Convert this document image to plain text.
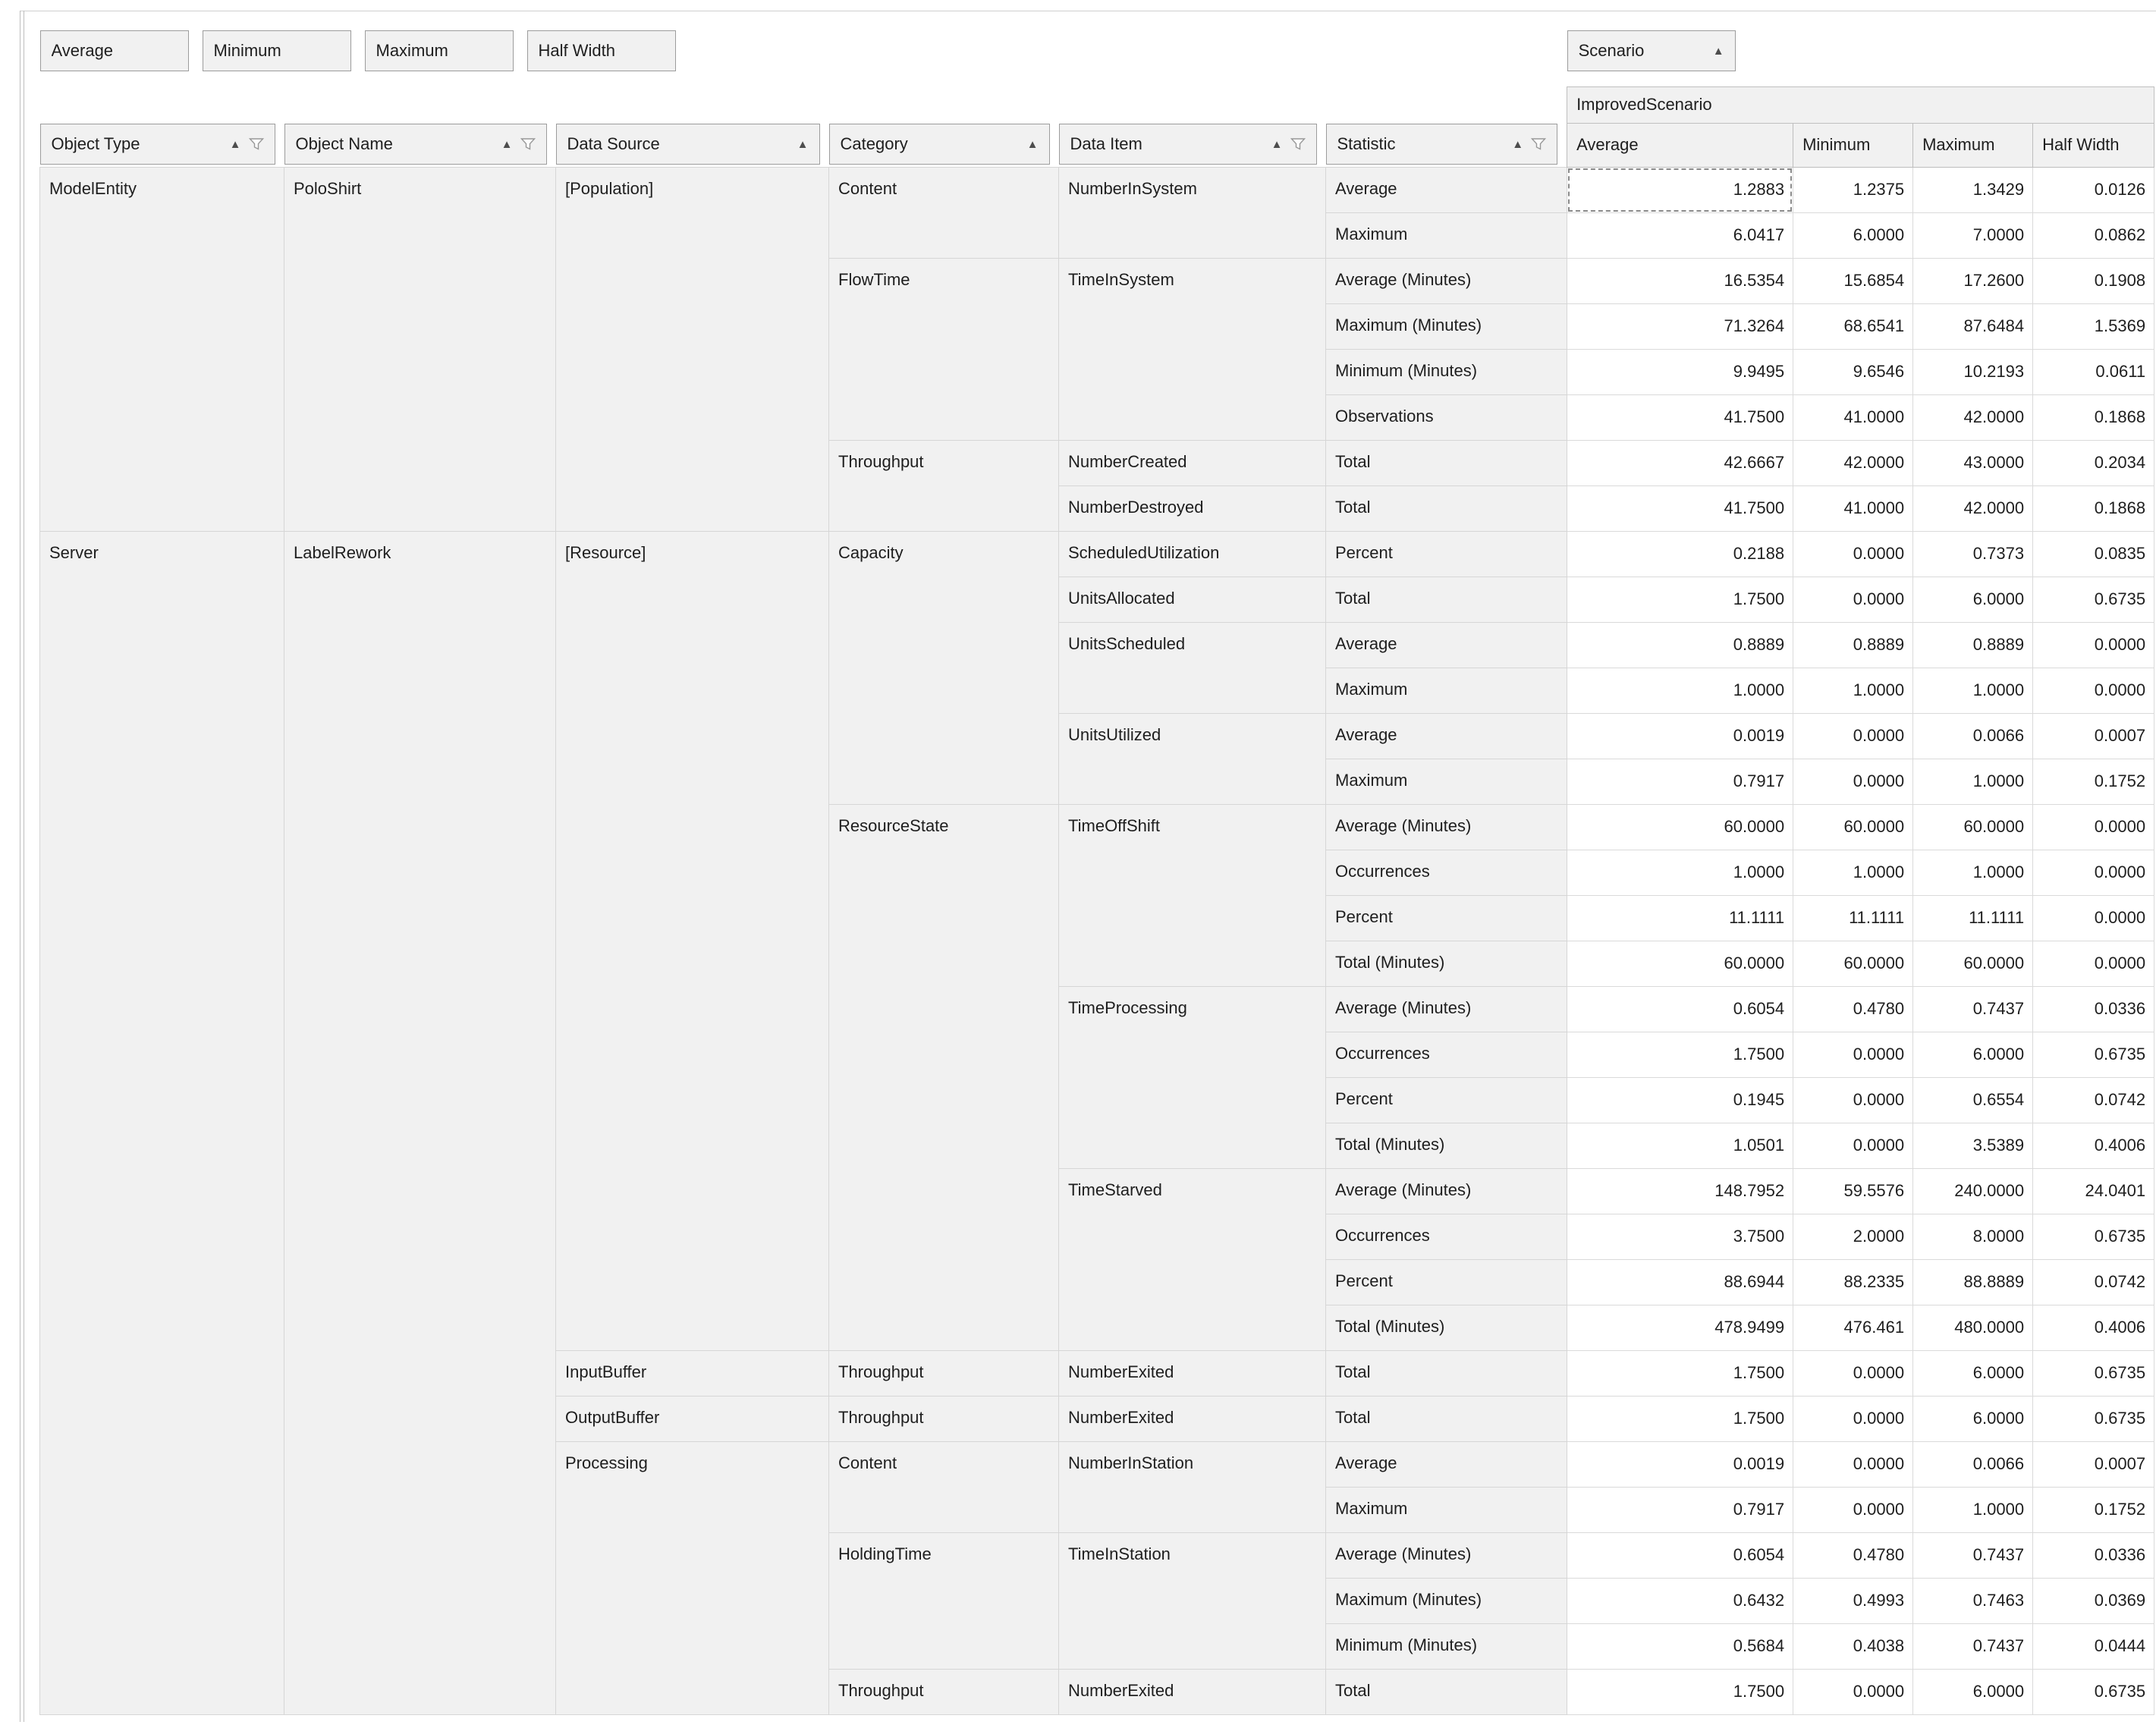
Average	Minimum	Maximum	Half Width	Scenario	▲

						ImprovedScenario			

Object Type ▲	Object Name ▲	Data Source ▲	Category ▲	Data Item ▲	Statistic ▲	Average	Minimum	Maximum	Half Width
ModelEntity	PoloShirt	[Population]	Content	NumberInSystem	Average	1.2883	1.2375	1.3429	0.0126
					Maximum	6.0417	6.0000	7.0000	0.0862
			FlowTime	TimeInSystem	Average (Minutes)	16.5354	15.6854	17.2600	0.1908
					Maximum (Minutes)	71.3264	68.6541	87.6484	1.5369
					Minimum (Minutes)	9.9495	9.6546	10.2193	0.0611
					Observations	41.7500	41.0000	42.0000	0.1868
			Throughput	NumberCreated	Total	42.6667	42.0000	43.0000	0.2034
				NumberDestroyed	Total	41.7500	41.0000	42.0000	0.1868
Server	LabelRework	[Resource]	Capacity	ScheduledUtilization	Percent	0.2188	0.0000	0.7373	0.0835
				UnitsAllocated	Total	1.7500	0.0000	6.0000	0.6735
				UnitsScheduled	Average	0.8889	0.8889	0.8889	0.0000
					Maximum	1.0000	1.0000	1.0000	0.0000
				UnitsUtilized	Average	0.0019	0.0000	0.0066	0.0007
					Maximum	0.7917	0.0000	1.0000	0.1752
			ResourceState	TimeOffShift	Average (Minutes)	60.0000	60.0000	60.0000	0.0000
					Occurrences	1.0000	1.0000	1.0000	0.0000
					Percent	11.1111	11.1111	11.1111	0.0000
					Total (Minutes)	60.0000	60.0000	60.0000	0.0000
				TimeProcessing	Average (Minutes)	0.6054	0.4780	0.7437	0.0336
					Occurrences	1.7500	0.0000	6.0000	0.6735
					Percent	0.1945	0.0000	0.6554	0.0742
					Total (Minutes)	1.0501	0.0000	3.5389	0.4006
				TimeStarved	Average (Minutes)	148.7952	59.5576	240.0000	24.0401
					Occurrences	3.7500	2.0000	8.0000	0.6735
					Percent	88.6944	88.2335	88.8889	0.0742
					Total (Minutes)	478.9499	476.461	480.0000	0.4006
		InputBuffer	Throughput	NumberExited	Total	1.7500	0.0000	6.0000	0.6735
		OutputBuffer	Throughput	NumberExited	Total	1.7500	0.0000	6.0000	0.6735
		Processing	Content	NumberInStation	Average	0.0019	0.0000	0.0066	0.0007
					Maximum	0.7917	0.0000	1.0000	0.1752
			HoldingTime	TimeInStation	Average (Minutes)	0.6054	0.4780	0.7437	0.0336
					Maximum (Minutes)	0.6432	0.4993	0.7463	0.0369
					Minimum (Minutes)	0.5684	0.4038	0.7437	0.0444
			Throughput	NumberExited	Total	1.7500	0.0000	6.0000	0.6735
